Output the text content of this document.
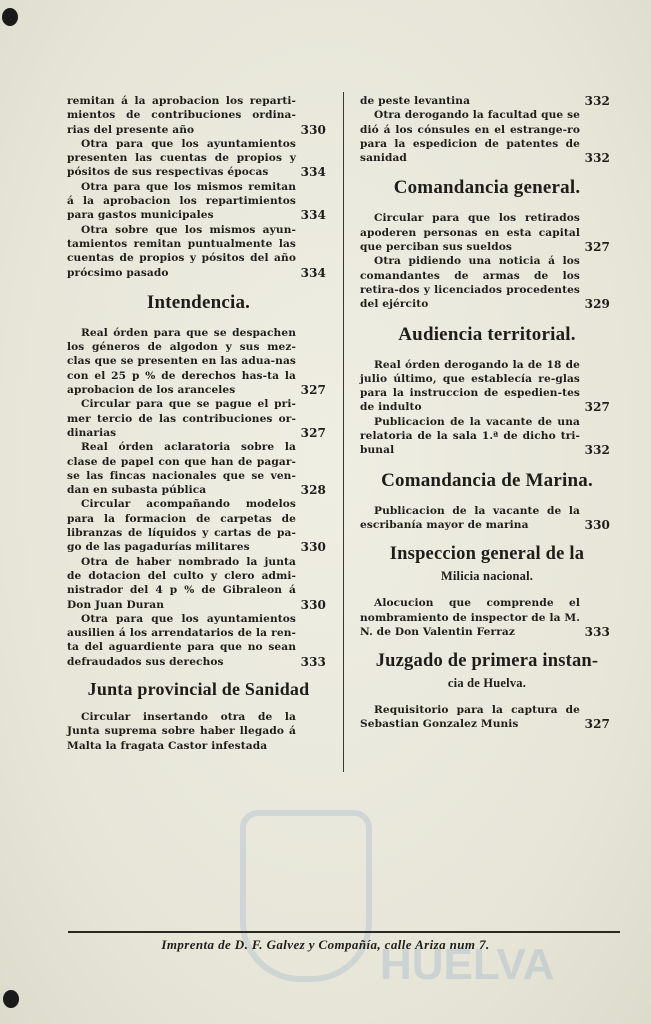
remitan á la aprobacion los reparti-mientos de contribuciones ordina-rias del presente año	330
Otra para que los ayuntamientos presenten las cuentas de propios y pósitos de sus respectivas épocas	334
Otra para que los mismos remitan á la aprobacion los repartimientos para gastos municipales	334
Otra sobre que los mismos ayun-tamientos remitan puntualmente las cuentas de propios y pósitos del año prócsimo pasado	334
Intendencia.
Real órden para que se despachen los géneros de algodon y sus mez-clas que se presenten en las adua-nas con el 25 p % de derechos has-ta la aprobacion de los aranceles	327
Circular para que se pague el pri-mer tercio de las contribuciones or-dinarias	327
Real órden aclaratoria sobre la clase de papel con que han de pagar-se las fincas nacionales que se ven-dan en subasta pública	328
Circular acompañando modelos para la formacion de carpetas de libranzas de líquidos y cartas de pa-go de las pagadurías militares	330
Otra de haber nombrado la junta de dotacion del culto y clero admi-nistrador del 4 p % de Gibraleon á Don Juan Duran	330
Otra para que los ayuntamientos ausilien á los arrendatarios de la ren-ta del aguardiente para que no sean defraudados sus derechos	333
Junta provincial de Sanidad
Circular insertando otra de la Junta suprema sobre haber llegado á Malta la fragata Castor infestada
de peste levantina	332
Otra derogando la facultad que se dió á los cónsules en el estrange-ro para la espedicion de patentes de sanidad	332
Comandancia general.
Circular para que los retirados apoderen personas en esta capital que perciban sus sueldos	327
Otra pidiendo una noticia á los comandantes de armas de los retira-dos y licenciados procedentes del ejército	329
Audiencia territorial.
Real órden derogando la de 18 de julio último, que establecía re-glas para la instruccion de espedien-tes de indulto	327
Publicacion de la vacante de una relatoria de la sala 1.ª de dicho tri-bunal	332
Comandancia de Marina.
Publicacion de la vacante de la escribanía mayor de marina	330
Inspeccion general de la
Milicia nacional.
Alocucion que comprende el nombramiento de inspector de la M. N. de Don Valentin Ferraz	333
Juzgado de primera instan-
cia de Huelva.
Requisitorio para la captura de Sebastian Gonzalez Munis	327
HUELVA
Imprenta de D. F. Galvez y Compañía, calle Ariza num 7.
